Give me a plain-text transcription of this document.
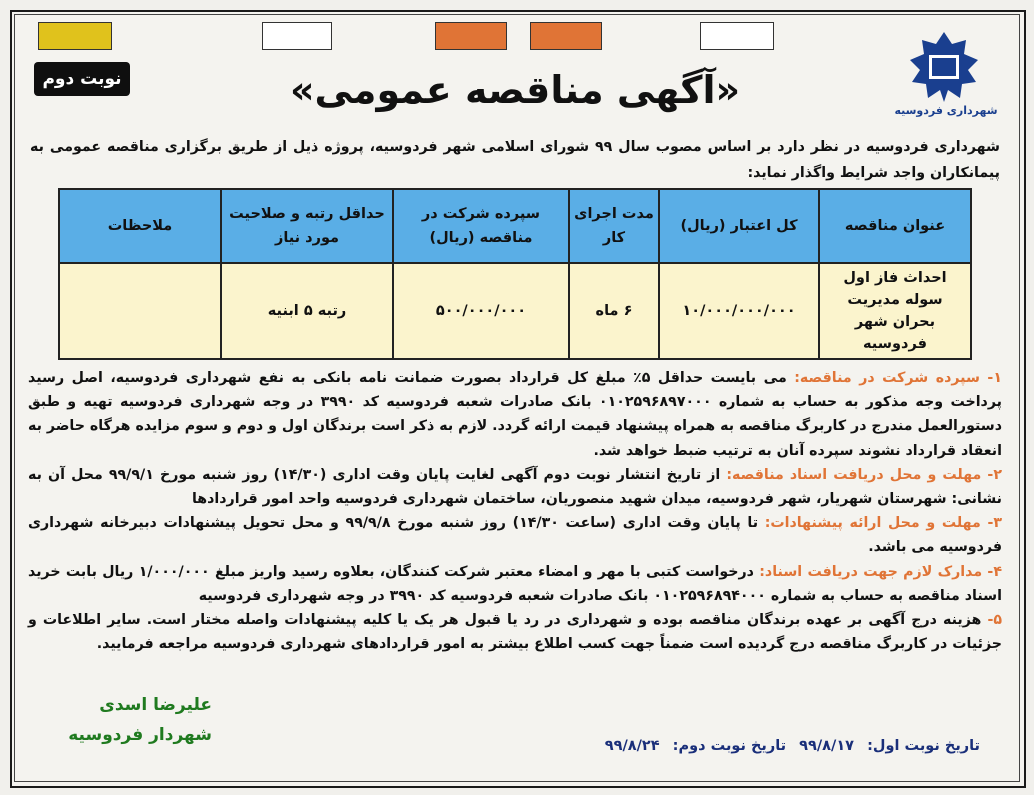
نوبت دوم
شهرداری فردوسیه
«آگهی مناقصه عمومی»
شهرداری فردوسیه در نظر دارد بر اساس مصوب سال ۹۹ شورای اسلامی شهر فردوسیه، پروژه ذیل از طریق برگزاری مناقصه عمومی به پیمانکاران واجد شرایط واگذار نماید:
عنوان مناقصه	کل اعتبار (ریال)	مدت اجرای کار	سپرده شرکت در مناقصه (ریال)	حداقل رتبه و صلاحیت مورد نیاز	ملاحظات
احداث فاز اول سوله مدیریت بحران شهر فردوسیه	۱۰/۰۰۰/۰۰۰/۰۰۰	۶ ماه	۵۰۰/۰۰۰/۰۰۰	رتبه ۵ ابنیه	

۱- سپرده شرکت در مناقصه: می بایست حداقل ۵٪ مبلغ کل قرارداد بصورت ضمانت نامه بانکی به نفع شهرداری فردوسیه، اصل رسید پرداخت وجه مذکور به حساب به شماره ۰۱۰۲۵۹۶۸۹۷۰۰۰ بانک صادرات شعبه فردوسیه کد ۳۹۹۰ در وجه شهرداری فردوسیه تهیه و طبق دستورالعمل مندرج در کاربرگ مناقصه به همراه پیشنهاد قیمت ارائه گردد. لازم به ذکر است برندگان اول و دوم و سوم مزایده هرگاه حاضر به انعقاد قرارداد نشوند سپرده آنان به ترتیب ضبط خواهد شد.

۲- مهلت و محل دریافت اسناد مناقصه: از تاریخ انتشار نوبت دوم آگهی لغایت پایان وقت اداری (۱۴/۳۰) روز شنبه مورخ ۹۹/۹/۱ محل آن به نشانی: شهرستان شهریار، شهر فردوسیه، میدان شهید منصوریان، ساختمان شهرداری فردوسیه واحد امور قراردادها

۳- مهلت و محل ارائه پیشنهادات: تا پایان وقت اداری (ساعت ۱۴/۳۰) روز شنبه مورخ ۹۹/۹/۸ و محل تحویل پیشنهادات دبیرخانه شهرداری فردوسیه می باشد.

۴- مدارک لازم جهت دریافت اسناد: درخواست کتبی با مهر و امضاء معتبر شرکت کنندگان، بعلاوه رسید واریز مبلغ ۱/۰۰۰/۰۰۰ ریال بابت خرید اسناد مناقصه به حساب به شماره ۰۱۰۲۵۹۶۸۹۴۰۰۰ بانک صادرات شعبه فردوسیه کد ۳۹۹۰ در وجه شهرداری فردوسیه

۵- هزینه درج آگهی بر عهده برندگان مناقصه بوده و شهرداری در رد یا قبول هر یک یا کلیه پیشنهادات واصله مختار است. سایر اطلاعات و جزئیات در کاربرگ مناقصه درج گردیده است ضمناً جهت کسب اطلاع بیشتر به امور قراردادهای شهرداری فردوسیه مراجعه فرمایید.

علیرضا اسدی
شهردار فردوسیه
تاریخ نوبت اول: ۹۹/۸/۱۷ تاریخ نوبت دوم: ۹۹/۸/۲۴
